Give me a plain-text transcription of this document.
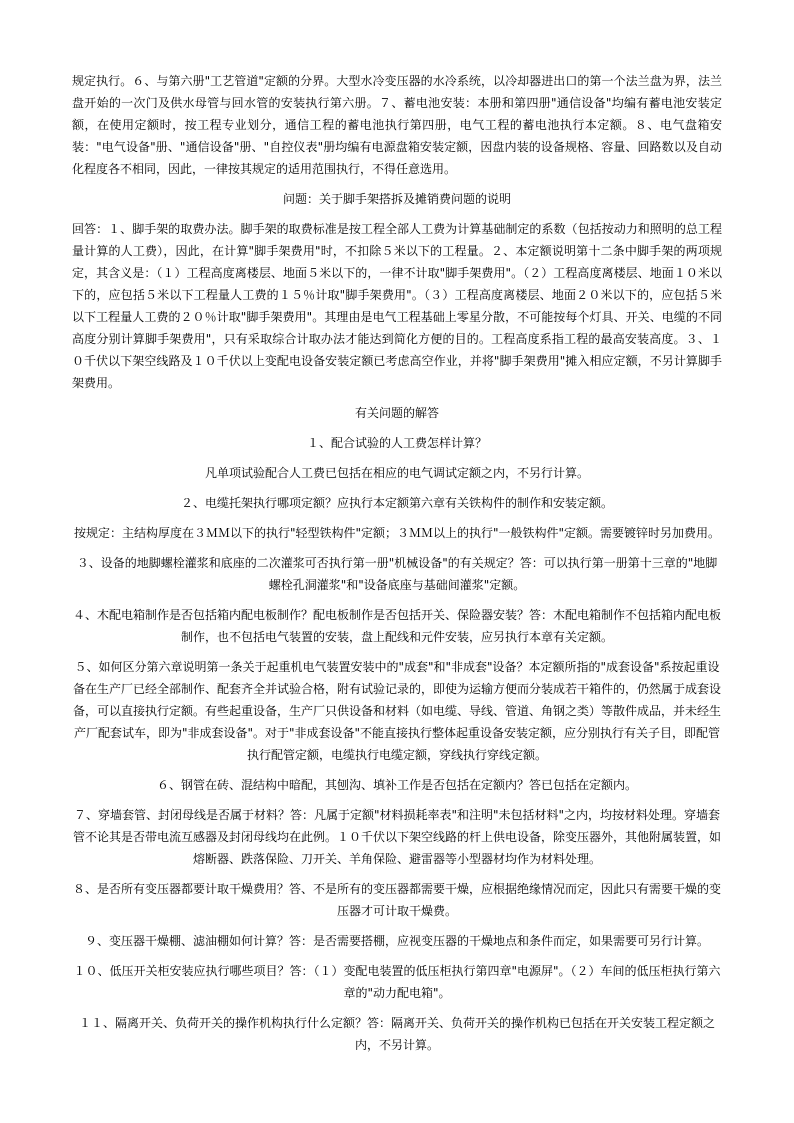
规定执行。６、与第六册"工艺管道"定额的分界。大型水冷变压器的水冷系统，以冷却器进出口的第一个法兰盘为界，法兰盘开始的一次门及供水母管与回水管的安装执行第六册。７、蓄电池安装：本册和第四册"通信设备"均编有蓄电池安装定额，在使用定额时，按工程专业划分，通信工程的蓄电池执行第四册，电气工程的蓄电池执行本定额。８、电气盘箱安装："电气设备"册、"通信设备"册、"自控仪表"册均编有电源盘箱安装定额，因盘内装的设备规格、容量、回路数以及自动化程度各不相同，因此，一律按其规定的适用范围执行，不得任意选用。

问题：关于脚手架搭拆及摊销费问题的说明

回答：１、脚手架的取费办法。脚手架的取费标准是按工程全部人工费为计算基础制定的系数（包括按动力和照明的总工程量计算的人工费），因此，在计算"脚手架费用"时，不扣除５米以下的工程量。２、本定额说明第十二条中脚手架的两项规定，其含义是：（１）工程高度离楼层、地面５米以下的，一律不计取"脚手架费用"。（２）工程高度离楼层、地面１０米以下的，应包括５米以下工程量人工费的１５％计取"脚手架费用"。（３）工程高度离楼层、地面２０米以下的，应包括５米以下工程量人工费的２０％计取"脚手架费用"。其理由是电气工程基础上零星分散，不可能按每个灯具、开关、电缆的不同高度分别计算脚手架费用"，只有采取综合计取办法才能达到简化方便的目的。工程高度系指工程的最高安装高度。３、１０千伏以下架空线路及１０千伏以上变配电设备安装定额已考虑高空作业，并将"脚手架费用"摊入相应定额，不另计算脚手架费用。

有关问题的解答

１、配合试验的人工费怎样计算？

凡单项试验配合人工费已包括在相应的电气调试定额之内，不另行计算。

２、电缆托架执行哪项定额？应执行本定额第六章有关铁构件的制作和安装定额。

按规定：主结构厚度在３ＭＭ以下的执行"轻型铁构件"定额；３ＭＭ以上的执行"一般铁构件"定额。需要镀锌时另加费用。

３、设备的地脚螺栓灌浆和底座的二次灌浆可否执行第一册"机械设备"的有关规定？答：可以执行第一册第十三章的"地脚螺栓孔洞灌浆"和"设备底座与基础间灌浆"定额。

４、木配电箱制作是否包括箱内配电板制作？配电板制作是否包括开关、保险器安装？答：木配电箱制作不包括箱内配电板制作，也不包括电气装置的安装，盘上配线和元件安装，应另执行本章有关定额。

５、如何区分第六章说明第一条关于起重机电气装置安装中的"成套"和"非成套"设备？本定额所指的"成套设备"系按起重设备在生产厂已经全部制作、配套齐全并试验合格，附有试验记录的，即使为运输方便而分装成若干箱件的，仍然属于成套设备，可以直接执行定额。有些起重设备，生产厂只供设备和材料（如电缆、导线、管道、角钢之类）等散件成品，并未经生产厂配套试车，即为"非成套设备"。对于"非成套设备"不能直接执行整体起重设备安装定额，应分别执行有关子目，即配管执行配管定额，电缆执行电缆定额，穿线执行穿线定额。

６、钢管在砖、混结构中暗配，其刨沟、填补工作是否包括在定额内？答已包括在定额内。

７、穿墙套管、封闭母线是否属于材料？答：凡属于定额"材料损耗率表"和注明"未包括材料"之内，均按材料处理。穿墙套管不论其是否带电流互感器及封闭母线均在此例。１０千伏以下架空线路的杆上供电设备，除变压器外，其他附属装置，如熔断器、跌落保险、刀开关、羊角保险、避雷器等小型器材均作为材料处理。

８、是否所有变压器都要计取干燥费用？答、不是所有的变压器都需要干燥，应根据绝缘情况而定，因此只有需要干燥的变压器才可计取干燥费。

９、变压器干燥棚、滤油棚如何计算？答：是否需要搭棚，应视变压器的干燥地点和条件而定，如果需要可另行计算。

１０、低压开关柜安装应执行哪些项目？答：（１）变配电装置的低压柜执行第四章"电源屏"。（２）车间的低压柜执行第六章的"动力配电箱"。

１１、隔离开关、负荷开关的操作机构执行什么定额？答：隔离开关、负荷开关的操作机构已包括在开关安装工程定额之内，不另计算。
